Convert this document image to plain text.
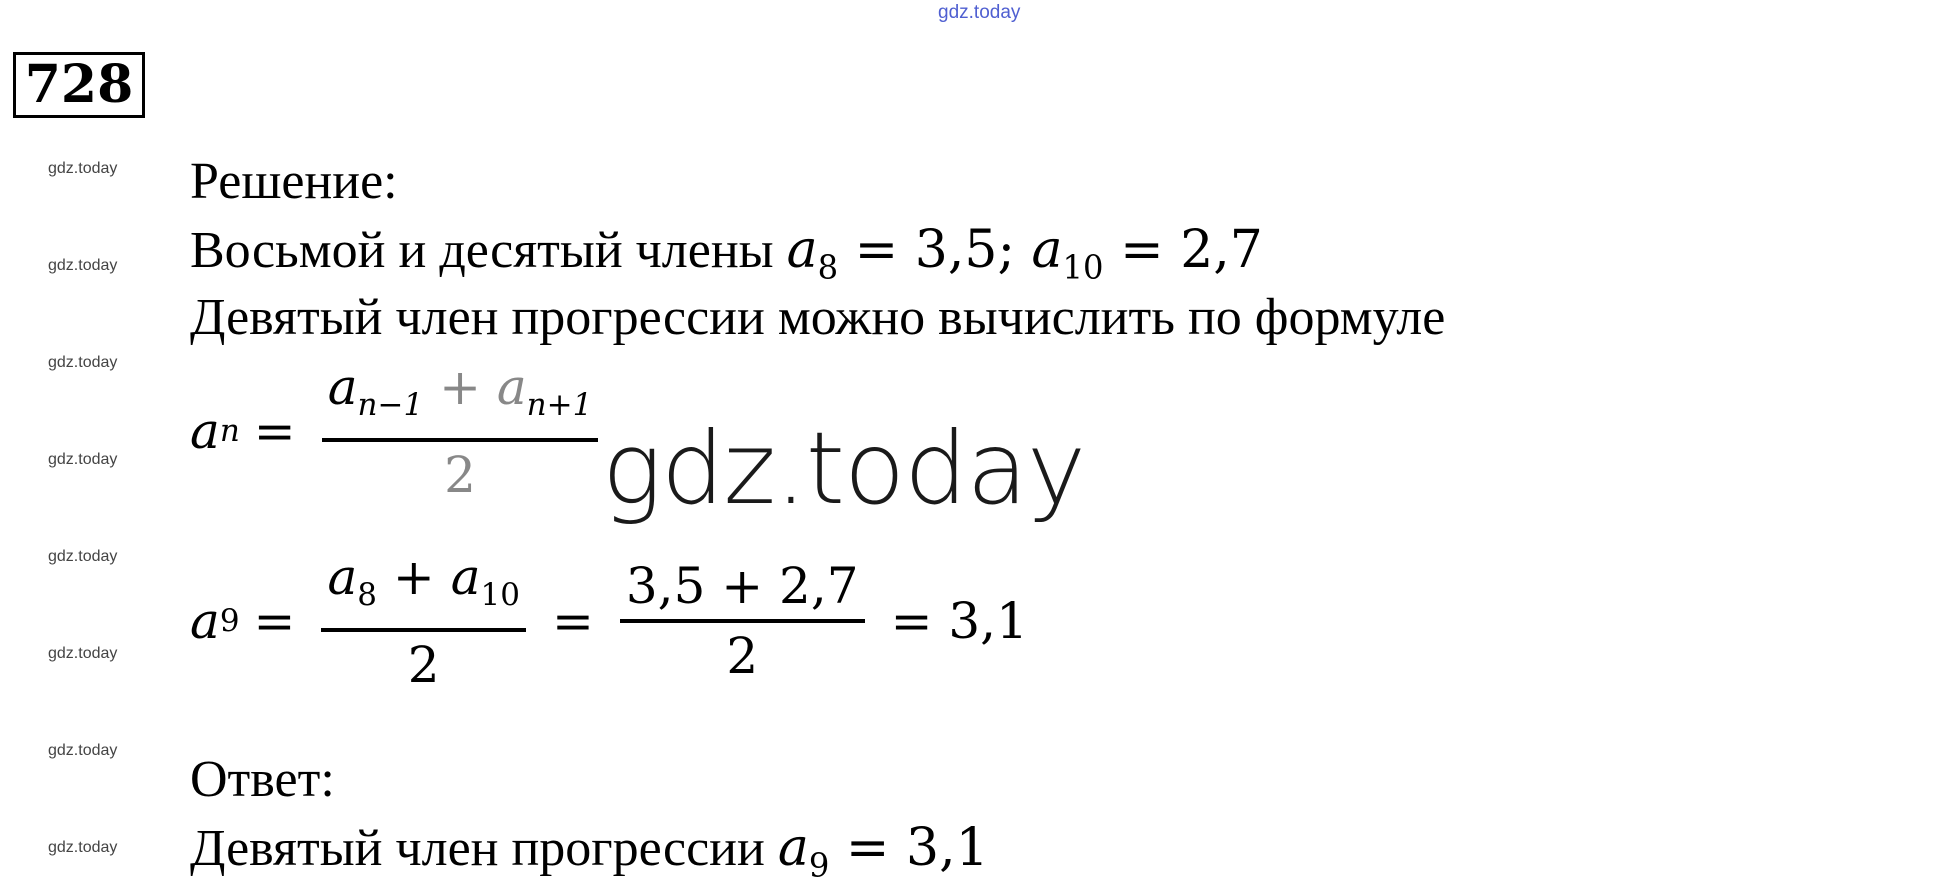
gdz.today
728
gdz.today
gdz.today
gdz.today
gdz.today
gdz.today
gdz.today
gdz.today
gdz.today
Решение:
Восьмой и десятый члены $a_8 = 3,5$; $a_{10} = 2,7$
Девятый член прогрессии можно вычислить по формуле
a $n = \frac{a_{n-1} + a_{n+1}}{2}$ gdz.today
a $9 = \frac{a_8 + a_{10}}{2} = \frac{3,5 + 2,7}{2} = 3,1$
Ответ:
Девятый член прогрессии $a_9 = 3,1$
